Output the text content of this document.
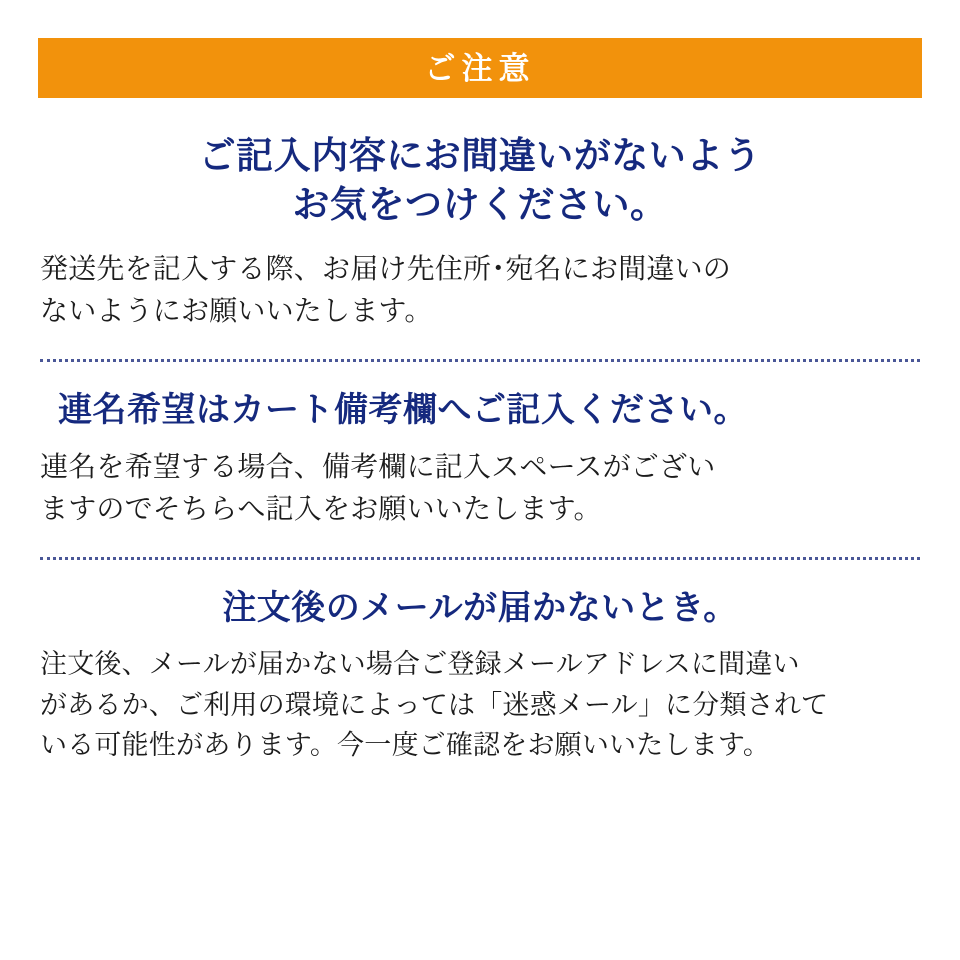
ご注意
ご記入内容にお間違いがないよう
お気をつけください。

発送先を記入する際、お届け先住所･宛名にお間違いの
ないようにお願いいたします。

連名希望はカート備考欄へご記入ください。

連名を希望する場合、備考欄に記入スペースがござい
ますのでそちらへ記入をお願いいたします。

注文後のメールが届かないとき。

注文後、メールが届かない場合ご登録メールアドレスに間違い
があるか、ご利用の環境によっては「迷惑メール」に分類されて
いる可能性があります。今一度ご確認をお願いいたします。
